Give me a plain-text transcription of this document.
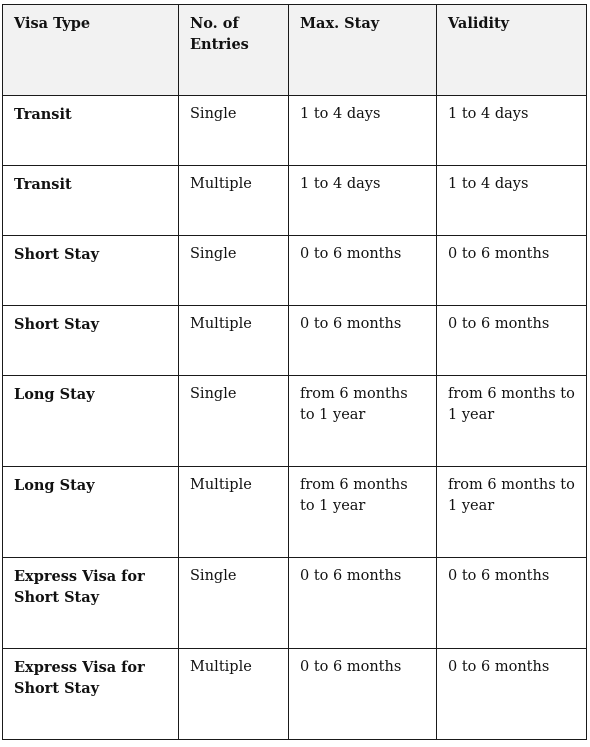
Visa Type	No. of Entries	Max. Stay	Validity
Transit	Single	1 to 4 days	1 to 4 days
Transit	Multiple	1 to 4 days	1 to 4 days
Short Stay	Single	0 to 6 months	0 to 6 months
Short Stay	Multiple	0 to 6 months	0 to 6 months
Long Stay	Single	from 6 months to 1 year	from 6 months to 1 year
Long Stay	Multiple	from 6 months to 1 year	from 6 months to 1 year
Express Visa for Short Stay	Single	0 to 6 months	0 to 6 months
Express Visa for Short Stay	Multiple	0 to 6 months	0 to 6 months
